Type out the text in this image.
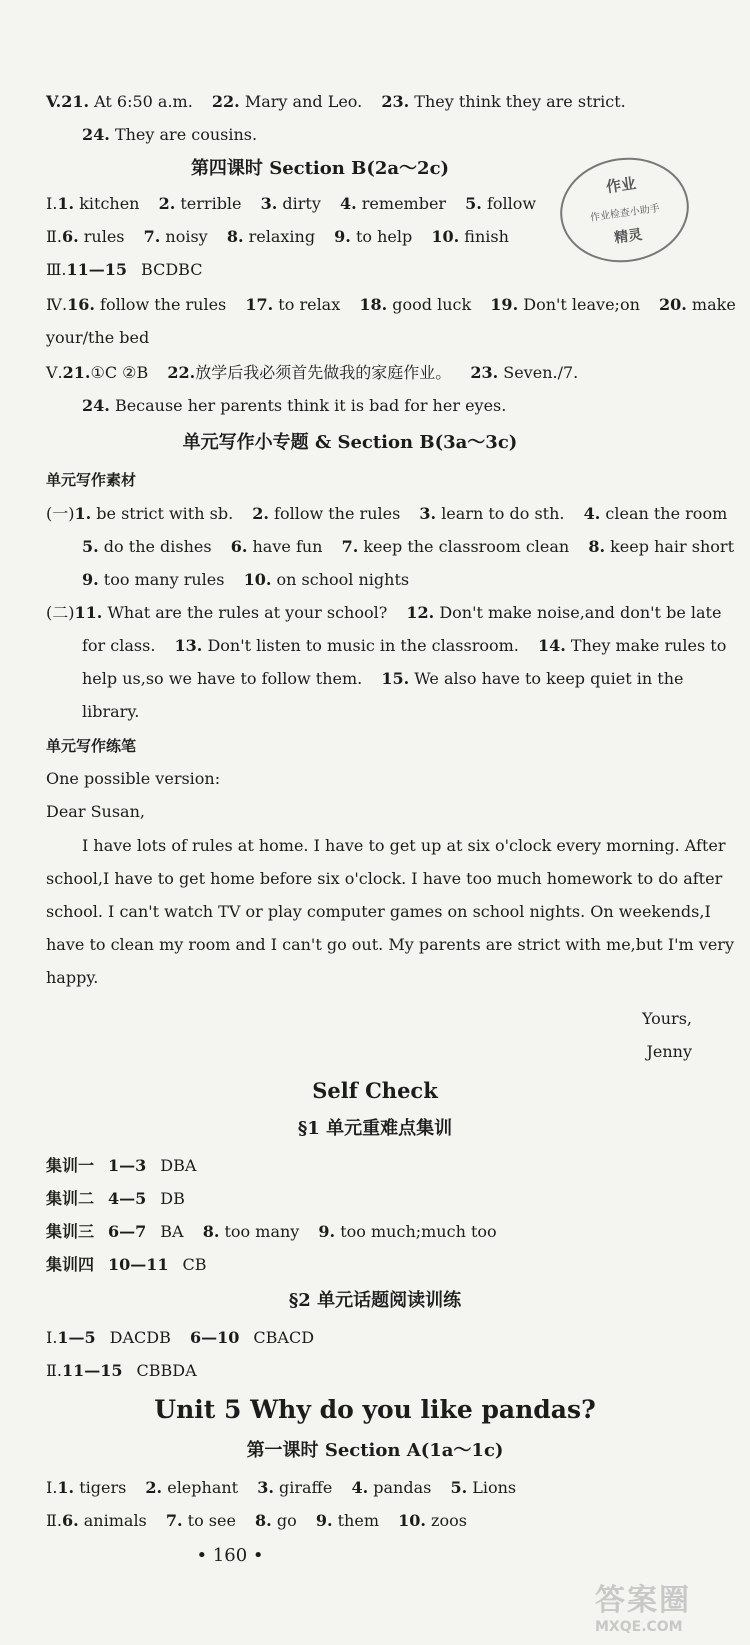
V.21. At 6:50 a.m. 22. Mary and Leo. 23. They think they are strict.
24. They are cousins.
第四课时 Section B(2a～2c)
Ⅰ.1. kitchen 2. terrible 3. dirty 4. remember 5. follow
Ⅱ.6. rules 7. noisy 8. relaxing 9. to help 10. finish
Ⅲ.11—15 BCDBC
Ⅳ.16. follow the rules 17. to relax 18. good luck 19. Don't leave;on 20. make
your/the bed
Ⅴ.21.①C ②B 22.放学后我必须首先做我的家庭作业。 23. Seven./7.
24. Because her parents think it is bad for her eyes.
作业
作业检查小助手
精灵
单元写作小专题 & Section B(3a～3c)
单元写作素材
(一)1. be strict with sb. 2. follow the rules 3. learn to do sth. 4. clean the room
5. do the dishes 6. have fun 7. keep the classroom clean 8. keep hair short
9. too many rules 10. on school nights
(二)11. What are the rules at your school? 12. Don't make noise,and don't be late
for class. 13. Don't listen to music in the classroom. 14. They make rules to
help us,so we have to follow them. 15. We also have to keep quiet in the
library.
单元写作练笔
One possible version:
Dear Susan,
I have lots of rules at home. I have to get up at six o'clock every morning. After
school,I have to get home before six o'clock. I have too much homework to do after
school. I can't watch TV or play computer games on school nights. On weekends,I
have to clean my room and I can't go out. My parents are strict with me,but I'm very
happy.
Yours,
Jenny
Self Check
§1 单元重难点集训
集训一 1—3 DBA
集训二 4—5 DB
集训三 6—7 BA 8. too many 9. too much;much too
集训四 10—11 CB
§2 单元话题阅读训练
Ⅰ.1—5 DACDB 6—10 CBACD
Ⅱ.11—15 CBBDA
Unit 5 Why do you like pandas?
第一课时 Section A(1a～1c)
Ⅰ.1. tigers 2. elephant 3. giraffe 4. pandas 5. Lions
Ⅱ.6. animals 7. to see 8. go 9. them 10. zoos
• 160 •
答案圈
MXQE.COM
